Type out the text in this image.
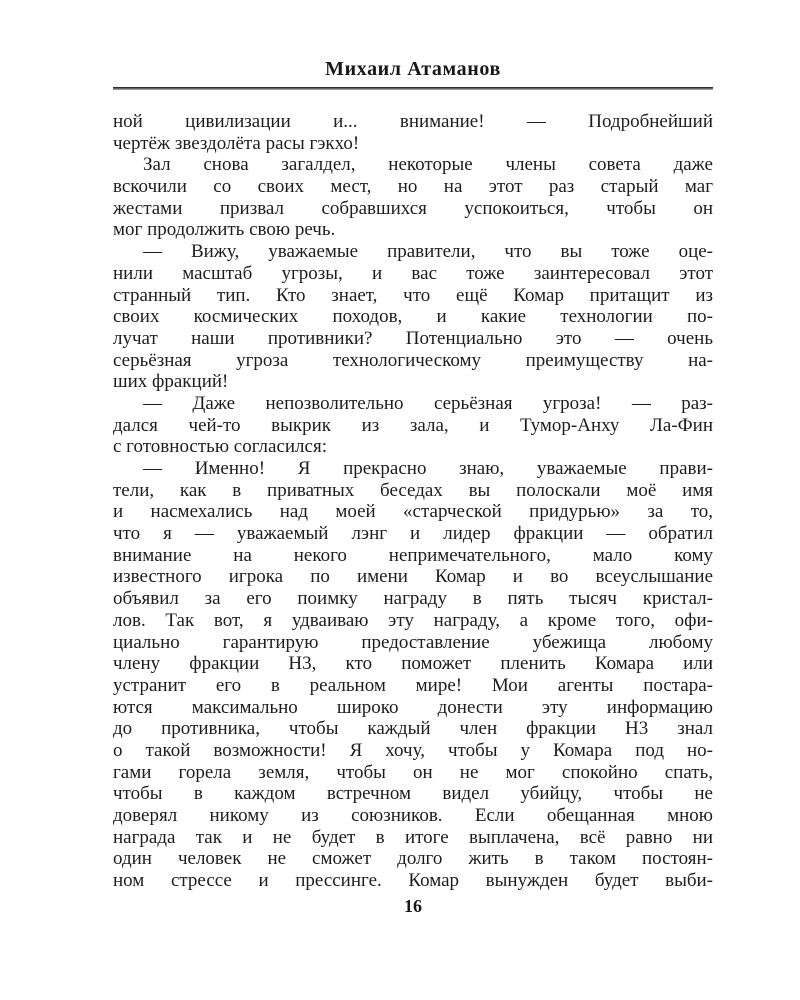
Михаил Атаманов
ной цивилизации и... внимание! — Подробнейший
чертёж звездолёта расы гэкхо!
Зал снова загалдел, некоторые члены совета даже
вскочили со своих мест, но на этот раз старый маг
жестами призвал собравшихся успокоиться, чтобы он
мог продолжить свою речь.
— Вижу, уважаемые правители, что вы тоже оце-
нили масштаб угрозы, и вас тоже заинтересовал этот
странный тип. Кто знает, что ещё Комар притащит из
своих космических походов, и какие технологии по-
лучат наши противники? Потенциально это — очень
серьёзная угроза технологическому преимуществу на-
ших фракций!
— Даже непозволительно серьёзная угроза! — раз-
дался чей-то выкрик из зала, и Тумор-Анху Ла-Фин
с готовностью согласился:
— Именно! Я прекрасно знаю, уважаемые прави-
тели, как в приватных беседах вы полоскали моё имя
и насмехались над моей «старческой придурью» за то,
что я — уважаемый лэнг и лидер фракции — обратил
внимание на некого непримечательного, мало кому
известного игрока по имени Комар и во всеуслышание
объявил за его поимку награду в пять тысяч кристал-
лов. Так вот, я удваиваю эту награду, а кроме того, офи-
циально гарантирую предоставление убежища любому
члену фракции Н3, кто поможет пленить Комара или
устранит его в реальном мире! Мои агенты постара-
ются максимально широко донести эту информацию
до противника, чтобы каждый член фракции Н3 знал
о такой возможности! Я хочу, чтобы у Комара под но-
гами горела земля, чтобы он не мог спокойно спать,
чтобы в каждом встречном видел убийцу, чтобы не
доверял никому из союзников. Если обещанная мною
награда так и не будет в итоге выплачена, всё равно ни
один человек не сможет долго жить в таком постоян-
ном стрессе и прессинге. Комар вынужден будет выби-
16
